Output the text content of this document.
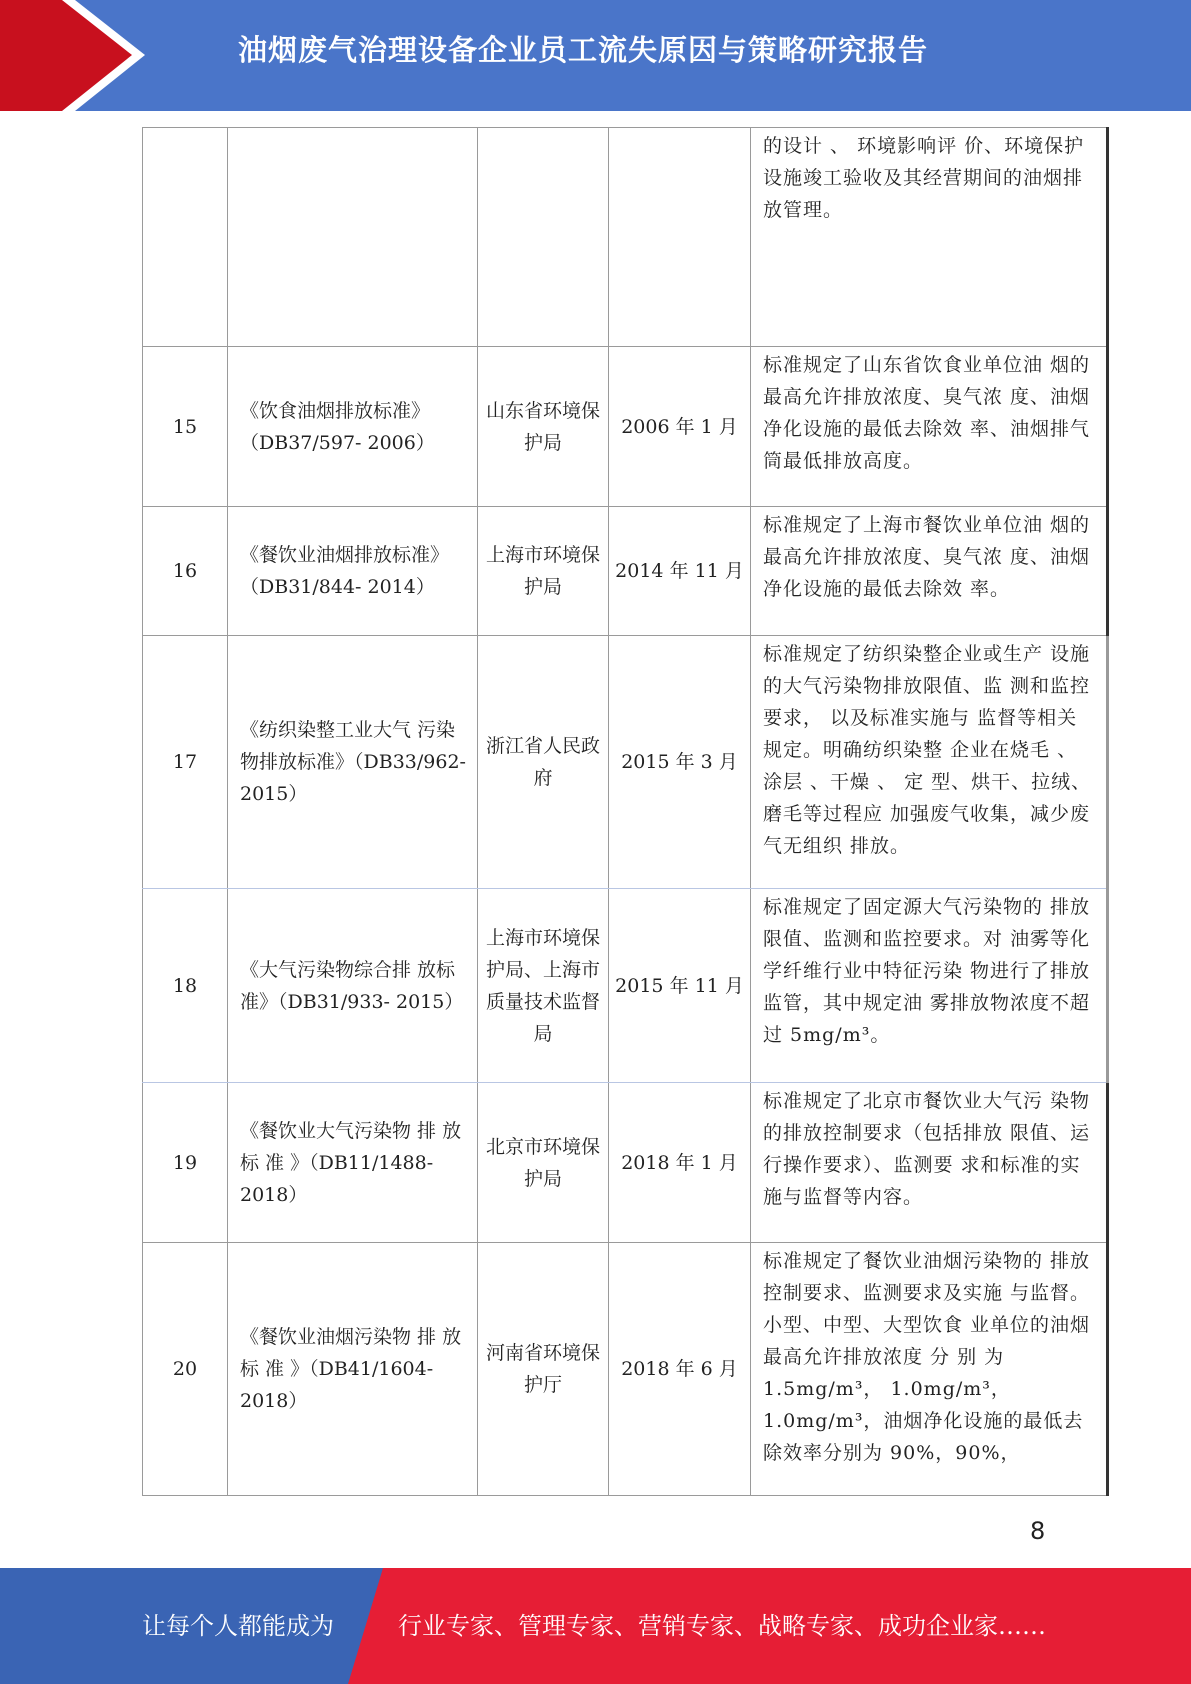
油烟废气治理设备企业员工流失原因与策略研究报告

				的设计 、 环境影响评 价、环境保护设施竣工验收及其经营期间的油烟排放管理。

15	《饮食油烟排放标准》（DB37/597- 2006）	山东省环境保护局	2006 年 1 月	标准规定了山东省饮食业单位油 烟的最高允许排放浓度、臭气浓 度、油烟净化设施的最低去除效 率、油烟排气筒最低排放高度。

16	《餐饮业油烟排放标准》（DB31/844- 2014）	上海市环境保护局	2014 年 11 月	标准规定了上海市餐饮业单位油 烟的最高允许排放浓度、臭气浓 度、油烟净化设施的最低去除效 率。

17	《纺织染整工业大气 污染物排放标准》（DB33/962-2015）	浙江省人民政府	2015 年 3 月	标准规定了纺织染整企业或生产 设施的大气污染物排放限值、监 测和监控要求， 以及标准实施与 监督等相关规定。明确纺织染整 企业在烧毛 、 涂层 、干燥 、 定 型、烘干、拉绒、磨毛等过程应 加强废气收集，减少废气无组织 排放。

18	《大气污染物综合排 放标准》（DB31/933- 2015）	上海市环境保护局、上海市质量技术监督局	2015 年 11 月	标准规定了固定源大气污染物的 排放限值、监测和监控要求。对 油雾等化学纤维行业中特征污染 物进行了排放监管，其中规定油 雾排放物浓度不超过 5mg/m³。

19	《餐饮业大气污染物 排 放 标 准 》（DB11/1488-2018）	北京市环境保护局	2018 年 1 月	标准规定了北京市餐饮业大气污 染物的排放控制要求（包括排放 限值、运行操作要求）、监测要 求和标准的实施与监督等内容。

20	《餐饮业油烟污染物 排 放 标 准 》（DB41/1604-2018）	河南省环境保护厅	2018 年 6 月	标准规定了餐饮业油烟污染物的 排放控制要求、监测要求及实施 与监督。 小型、中型、大型饮食 业单位的油烟最高允许排放浓度 分 别 为 1.5mg/m³， 1.0mg/m³， 1.0mg/m³，油烟净化设施的最低去 除效率分别为 90%，90%，
8
让每个人都能成为	行业专家、管理专家、营销专家、战略专家、成功企业家……
